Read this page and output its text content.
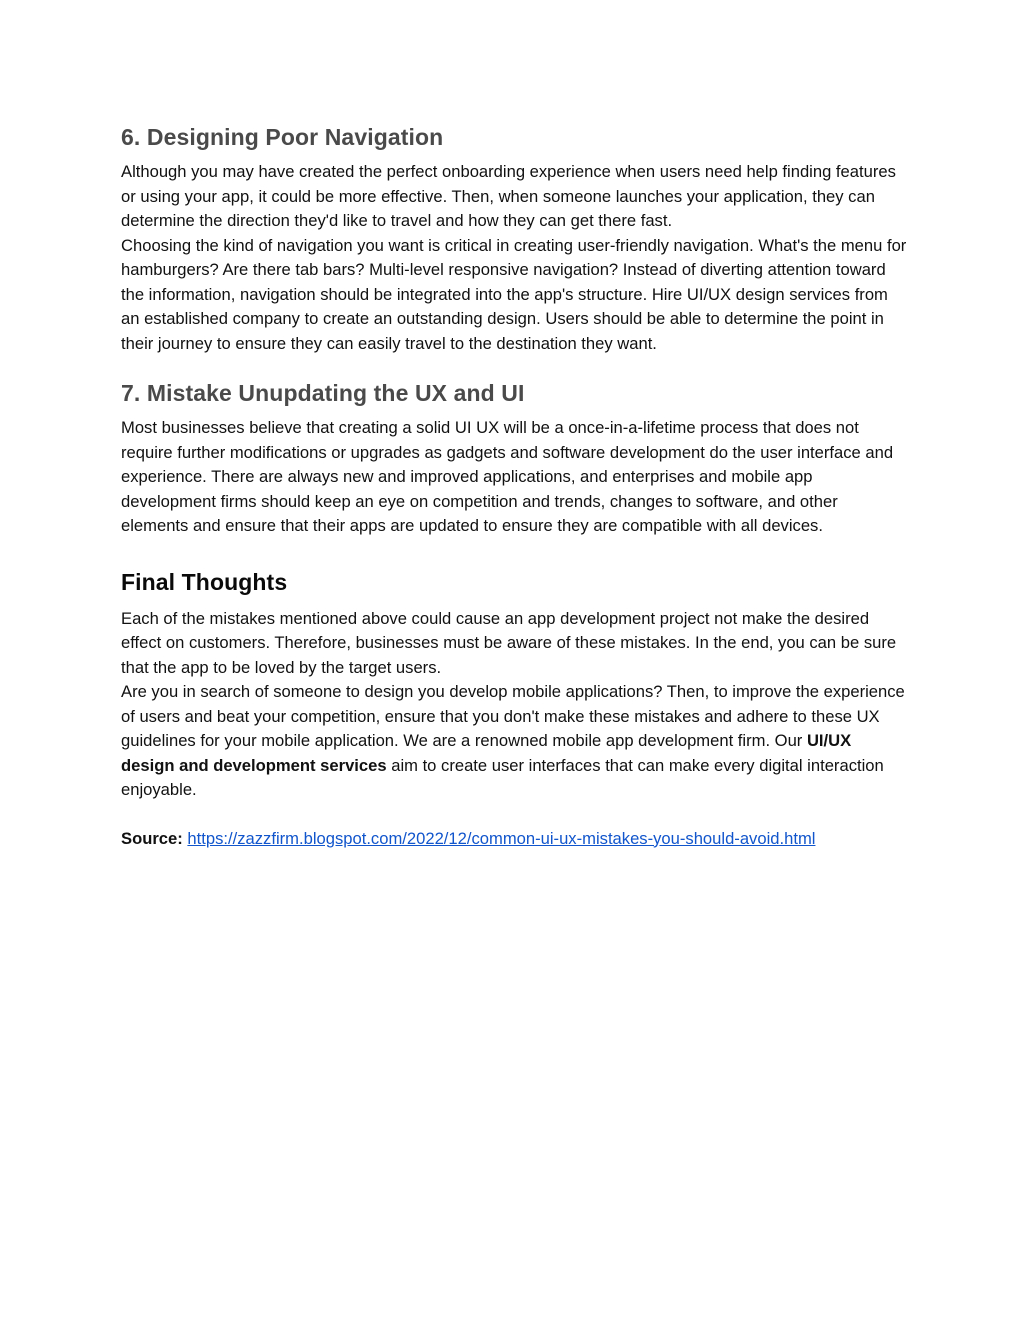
6. Designing Poor Navigation

Although you may have created the perfect onboarding experience when users need help finding features or using your app, it could be more effective. Then, when someone launches your application, they can determine the direction they'd like to travel and how they can get there fast.

Choosing the kind of navigation you want is critical in creating user-friendly navigation. What's the menu for hamburgers? Are there tab bars? Multi-level responsive navigation? Instead of diverting attention toward the information, navigation should be integrated into the app's structure. Hire UI/UX design services from an established company to create an outstanding design. Users should be able to determine the point in their journey to ensure they can easily travel to the destination they want.

7. Mistake Unupdating the UX and UI

Most businesses believe that creating a solid UI UX will be a once-in-a-lifetime process that does not require further modifications or upgrades as gadgets and software development do the user interface and experience. There are always new and improved applications, and enterprises and mobile app development firms should keep an eye on competition and trends, changes to software, and other elements and ensure that their apps are updated to ensure they are compatible with all devices.

Final Thoughts

Each of the mistakes mentioned above could cause an app development project not make the desired effect on customers. Therefore, businesses must be aware of these mistakes. In the end, you can be sure that the app to be loved by the target users.

Are you in search of someone to design you develop mobile applications? Then, to improve the experience of users and beat your competition, ensure that you don't make these mistakes and adhere to these UX guidelines for your mobile application. We are a renowned mobile app development firm. Our UI/UX design and development services aim to create user interfaces that can make every digital interaction enjoyable.

Source: https://zazzfirm.blogspot.com/2022/12/common-ui-ux-mistakes-you-should-avoid.html
